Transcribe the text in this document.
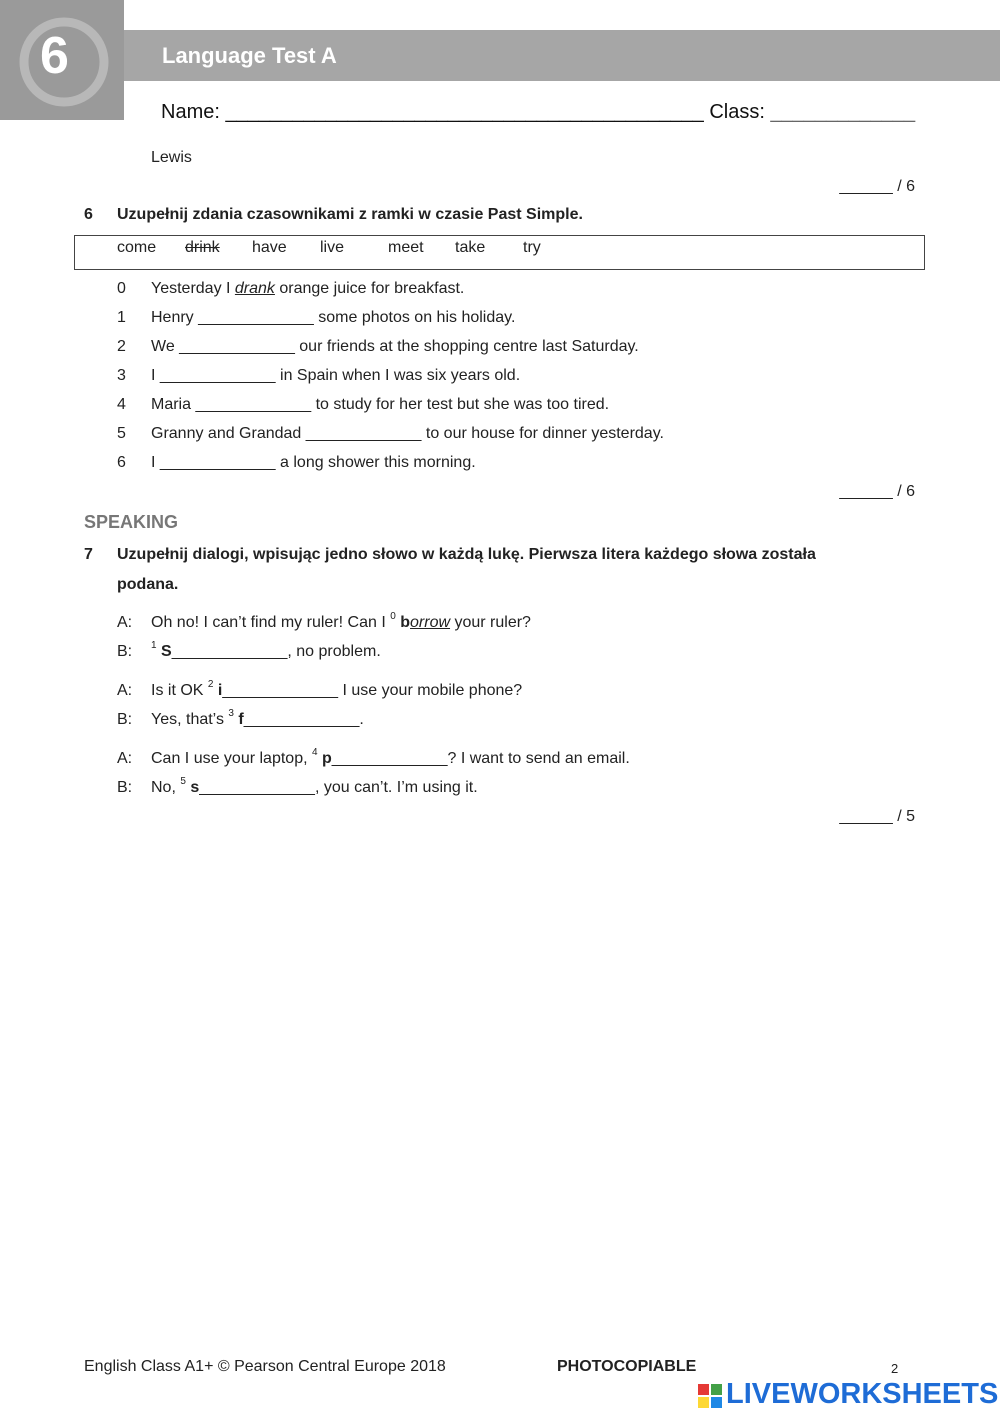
6	Language Test A
Name: ___________________________________________ Class: _____________
Lewis
______ / 6
6 Uzupełnij zdania czasownikami z ramki w czasie Past Simple.
come drink have live	meet take try
0 Yesterday I drank orange juice for breakfast.
1 Henry _____________ some photos on his holiday.
2 We _____________ our friends at the shopping centre last Saturday.
3 I _____________ in Spain when I was six years old.
4 Maria _____________ to study for her test but she was too tired.
5 Granny and Grandad _____________ to our house for dinner yesterday.
6 I _____________ a long shower this morning.
______ / 6
SPEAKING
7 Uzupełnij dialogi, wpisując jedno słowo w każdą lukę. Pierwsza litera każdego słowa została
podana.
A: Oh no! I can’t find my ruler! Can I $^0$ borrow your ruler?
B: $^1$ S_____________, no problem.
A: Is it OK $^2$ i_____________ I use your mobile phone?
B: Yes, that’s $^3$ f_____________.
A: Can I use your laptop, $^4$ p_____________? I want to send an email.
B: No, $^5$ s_____________, you can’t. I’m using it.
______ / 5
English Class A1+ © Pearson Central Europe 2018	PHOTOCOPIABLE	2
LIVEWORKSHEETS
